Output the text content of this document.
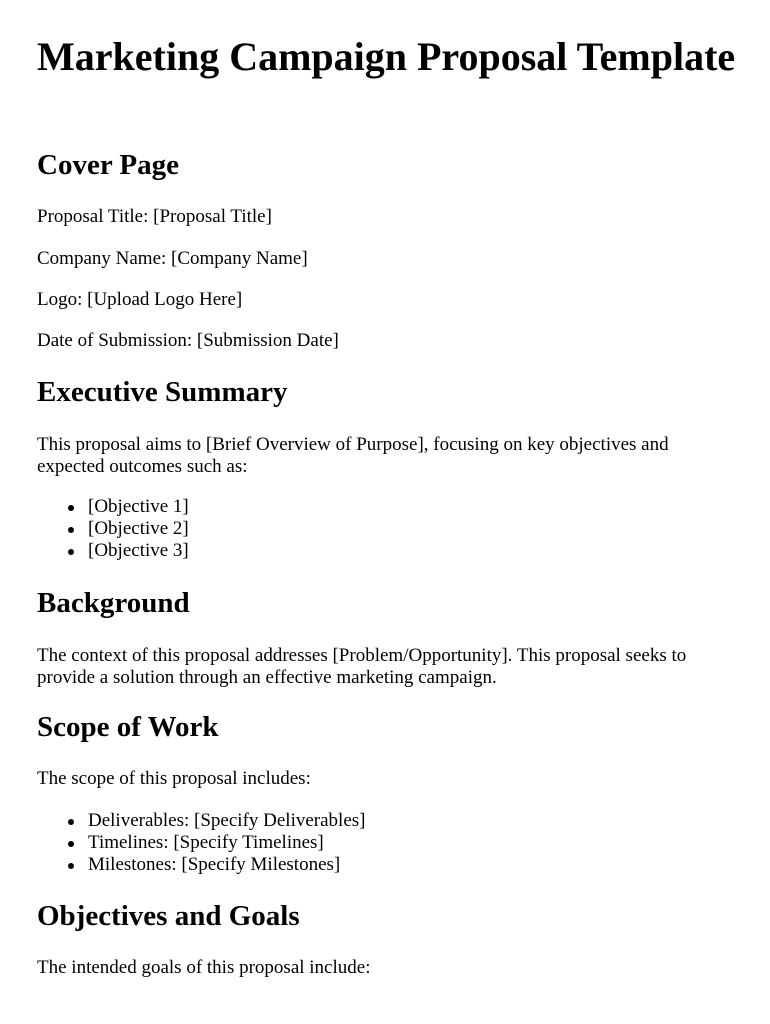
Marketing Campaign Proposal Template
Cover Page

Proposal Title: [Proposal Title]

Company Name: [Company Name]

Logo: [Upload Logo Here]

Date of Submission: [Submission Date]

Executive Summary

This proposal aims to [Brief Overview of Purpose], focusing on key objectives and expected outcomes such as:

[Objective 1]
[Objective 2]
[Objective 3]
Background

The context of this proposal addresses [Problem/Opportunity]. This proposal seeks to provide a solution through an effective marketing campaign.

Scope of Work

The scope of this proposal includes:

Deliverables: [Specify Deliverables]
Timelines: [Specify Timelines]
Milestones: [Specify Milestones]
Objectives and Goals

The intended goals of this proposal include:
